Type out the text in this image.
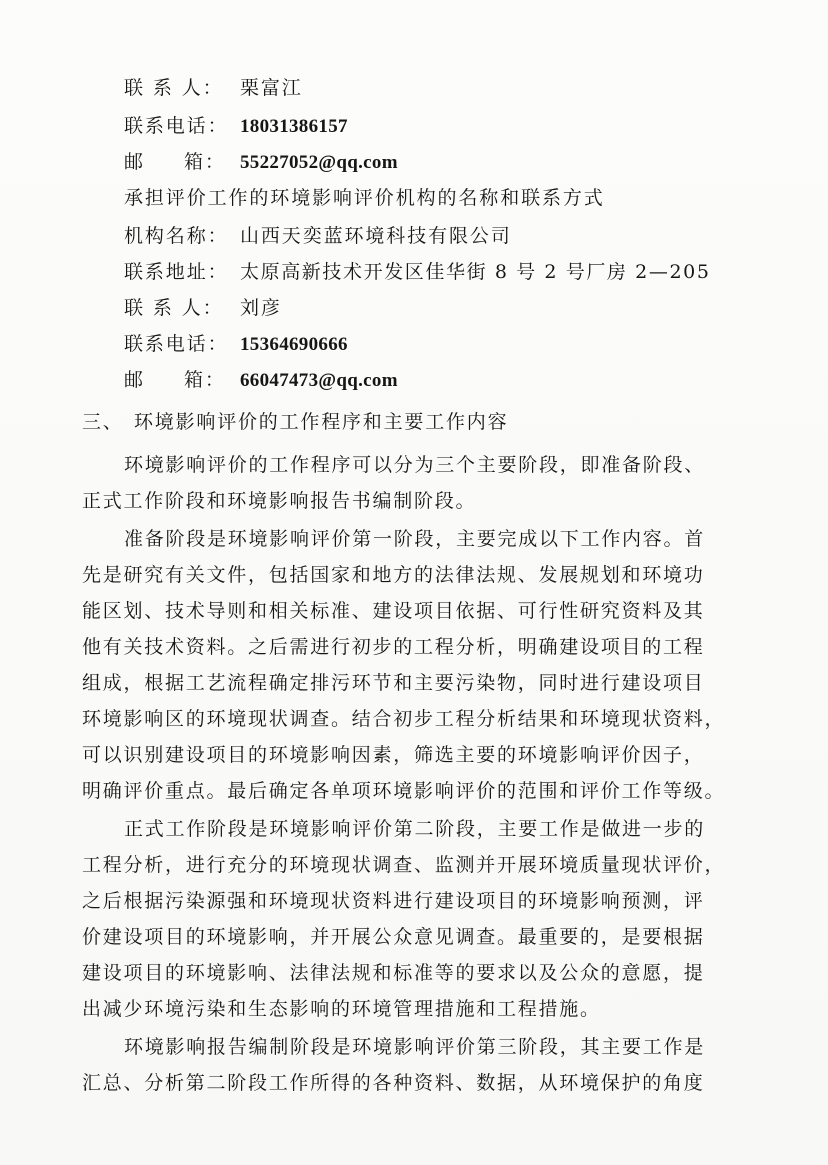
联 系 人： 栗富江
联系电话： 18031386157
邮 箱： 55227052@qq.com
承担评价工作的环境影响评价机构的名称和联系方式
机构名称： 山西天奕蓝环境科技有限公司
联系地址： 太原高新技术开发区佳华街 8 号 2 号厂房 2—205
联 系 人： 刘彦
联系电话： 15364690666
邮 箱： 66047473@qq.com
三、 环境影响评价的工作程序和主要工作内容
环境影响评价的工作程序可以分为三个主要阶段，即准备阶段、
正式工作阶段和环境影响报告书编制阶段。
准备阶段是环境影响评价第一阶段，主要完成以下工作内容。首
先是研究有关文件，包括国家和地方的法律法规、发展规划和环境功
能区划、技术导则和相关标准、建设项目依据、可行性研究资料及其
他有关技术资料。之后需进行初步的工程分析，明确建设项目的工程
组成，根据工艺流程确定排污环节和主要污染物，同时进行建设项目
环境影响区的环境现状调查。结合初步工程分析结果和环境现状资料，
可以识别建设项目的环境影响因素，筛选主要的环境影响评价因子，
明确评价重点。最后确定各单项环境影响评价的范围和评价工作等级。
正式工作阶段是环境影响评价第二阶段，主要工作是做进一步的
工程分析，进行充分的环境现状调查、监测并开展环境质量现状评价，
之后根据污染源强和环境现状资料进行建设项目的环境影响预测，评
价建设项目的环境影响，并开展公众意见调查。最重要的，是要根据
建设项目的环境影响、法律法规和标准等的要求以及公众的意愿，提
出减少环境污染和生态影响的环境管理措施和工程措施。
环境影响报告编制阶段是环境影响评价第三阶段，其主要工作是
汇总、分析第二阶段工作所得的各种资料、数据，从环境保护的角度
